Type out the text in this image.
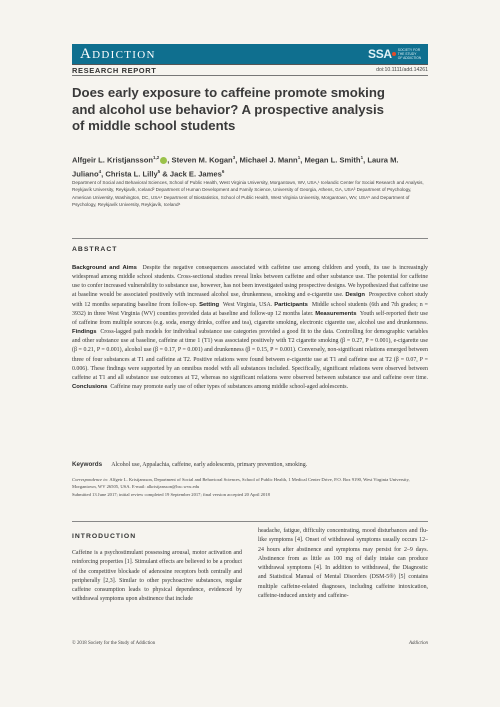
Addiction	SSA SOCIETY FOR THE STUDY OF ADDICTION
RESEARCH REPORT	doi:10.1111/add.14261
Does early exposure to caffeine promote smoking and alcohol use behavior? A prospective analysis of middle school students
Alfgeir L. Kristjansson$^{1,2}$ , Steven M. Kogan$^3$, Michael J. Mann$^1$, Megan L. Smith$^1$, Laura M. Juliano$^4$, Christa L. Lilly$^5$ & Jack E. James$^6$
Department of Social and Behavioral Sciences, School of Public Health, West Virginia University, Morgantown, WV, USA,¹ Icelandic Center for Social Research and Analysis, Reykjavík University, Reykjavík, Iceland² Department of Human Development and Family Science, University of Georgia, Athens, GA, USA³ Department of Psychology, American University, Washington, DC, USA⁴ Department of Biostatistics, School of Public Health, West Virginia University, Morgantown, WV, USA⁵ and Department of Psychology, Reykjavík University, Reykjavík, Iceland⁶
ABSTRACT
Background and Aims Despite the negative consequences associated with caffeine use among children and youth, its use is increasingly widespread among middle school students. Cross-sectional studies reveal links between caffeine and other substance use. The potential for caffeine use to confer increased vulnerability to substance use, however, has not been investigated using prospective designs. We hypothesized that caffeine use at baseline would be associated positively with increased alcohol use, drunkenness, smoking and e-cigarette use. Design Prospective cohort study with 12 months separating baseline from follow-up. Setting West Virginia, USA. Participants Middle school students (6th and 7th grades; n = 3932) in three West Virginia (WV) counties provided data at baseline and follow-up 12 months later. Measurements Youth self-reported their use of caffeine from multiple sources (e.g. soda, energy drinks, coffee and tea), cigarette smoking, electronic cigarette use, alcohol use and drunkenness. Findings Cross-lagged path models for individual substance use categories provided a good fit to the data. Controlling for demographic variables and other substance use at baseline, caffeine at time 1 (T1) was associated positively with T2 cigarette smoking (β = 0.27, P = 0.001), e-cigarette use (β = 0.21, P = 0.001), alcohol use (β = 0.17, P = 0.001) and drunkenness (β = 0.15, P = 0.001). Conversely, non-significant relations emerged between three of four substances at T1 and caffeine at T2. Positive relations were found between e-cigarette use at T1 and caffeine use at T2 (β = 0.07, P = 0.006). These findings were supported by an omnibus model with all substances included. Specifically, significant relations were observed between caffeine at T1 and all substance use outcomes at T2, whereas no significant relations were observed between substance use and caffeine over time. Conclusions Caffeine may promote early use of other types of substances among middle school-aged adolescents.
Keywords Alcohol use, Appalachia, caffeine, early adolescents, primary prevention, smoking.
Correspondence to: Alfgeir L. Kristjansson, Department of Social and Behavioral Sciences, School of Public Health, 1 Medical Center Drive, P.O. Box 9190, West Virginia University, Morgantown, WV 26505, USA. E-mail: alkristjansson@hsc.wvu.edu
Submitted 13 June 2017; initial review completed 19 September 2017; final version accepted 20 April 2018
INTRODUCTION
Caffeine is a psychostimulant possessing arousal, motor activation and reinforcing properties [1]. Stimulant effects are believed to be a product of the competitive blockade of adenosine receptors both centrally and peripherally [2,3]. Similar to other psychoactive substances, regular caffeine consumption leads to physical dependence, evidenced by withdrawal symptoms upon abstinence that include
headache, fatigue, difficulty concentrating, mood disturbances and flu-like symptoms [4]. Onset of withdrawal symptoms usually occurs 12–24 hours after abstinence and symptoms may persist for 2–9 days. Abstinence from as little as 100 mg of daily intake can produce withdrawal symptoms [4]. In addition to withdrawal, the Diagnostic and Statistical Manual of Mental Disorders (DSM-5®) [5] contains multiple caffeine-related diagnoses, including caffeine intoxication, caffeine-induced anxiety and caffeine-
© 2018 Society for the Study of Addiction	Addiction
